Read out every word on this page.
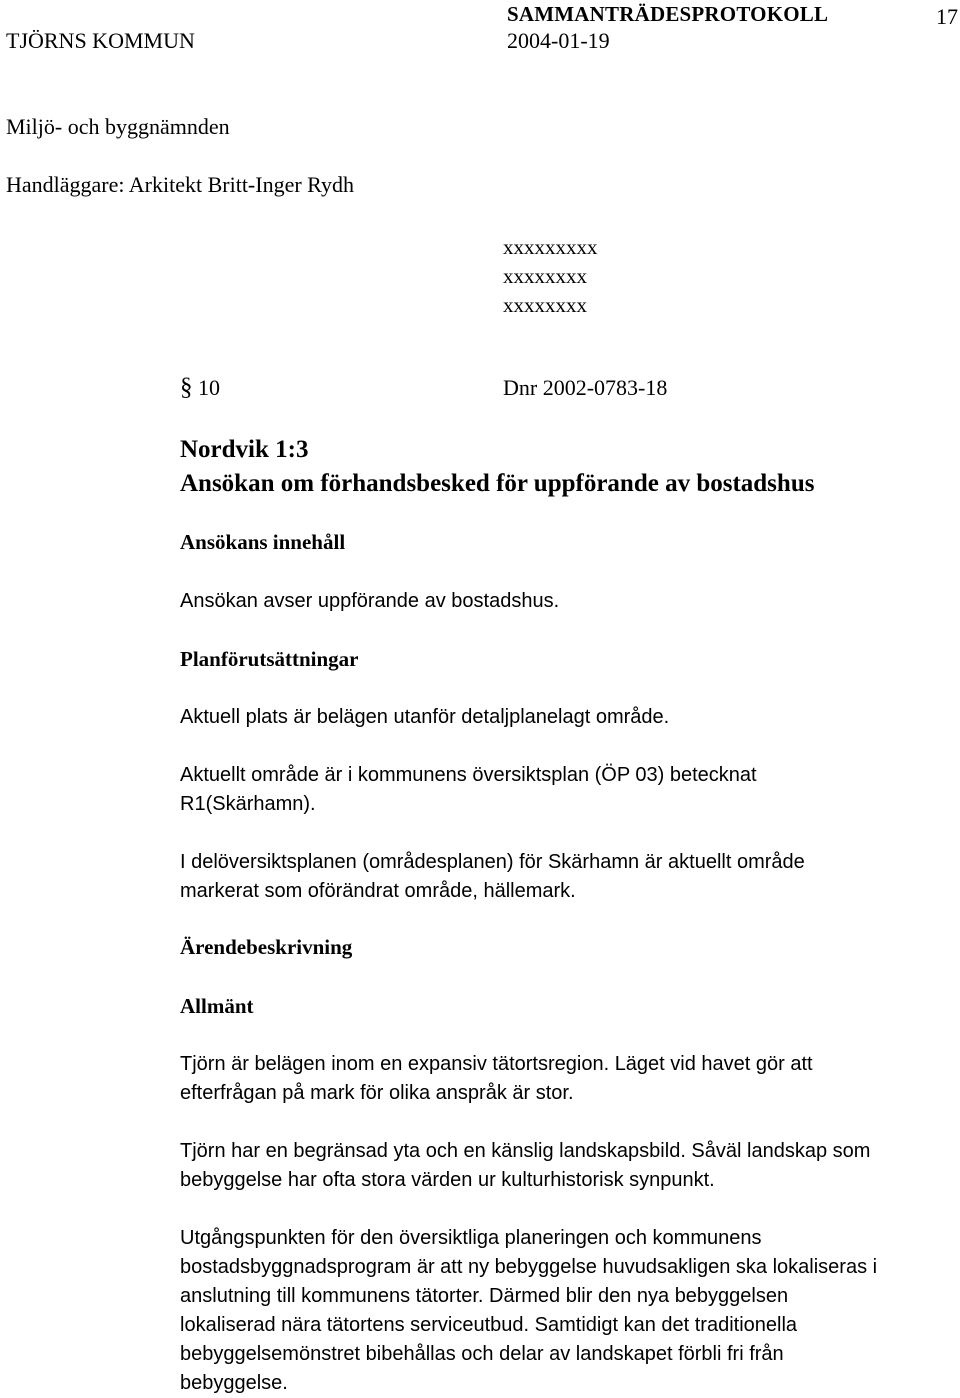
SAMMANTRÄDESPROTOKOLL	17
TJÖRNS KOMMUN	2004-01-19
Miljö- och byggnämnden
Handläggare: Arkitekt Britt-Inger Rydh
xxxxxxxxx
xxxxxxxx
xxxxxxxx
§ 10	Dnr 2002-0783-18
Nordvik 1:3
Ansökan om förhandsbesked för uppförande av bostadshus
Ansökans innehåll

Ansökan avser uppförande av bostadshus.

Planförutsättningar

Aktuell plats är belägen utanför detaljplanelagt område.

Aktuellt område är i kommunens översiktsplan (ÖP 03) betecknat
R1(Skärhamn).

I delöversiktsplanen (områdesplanen) för Skärhamn är aktuellt område
markerat som oförändrat område, hällemark.

Ärendebeskrivning
Allmänt

Tjörn är belägen inom en expansiv tätortsregion. Läget vid havet gör att
efterfrågan på mark för olika anspråk är stor.

Tjörn har en begränsad yta och en känslig landskapsbild. Såväl landskap som
bebyggelse har ofta stora värden ur kulturhistorisk synpunkt.

Utgångspunkten för den översiktliga planeringen och kommunens
bostadsbyggnadsprogram är att ny bebyggelse huvudsakligen ska lokaliseras i
anslutning till kommunens tätorter. Därmed blir den nya bebyggelsen
lokaliserad nära tätortens serviceutbud. Samtidigt kan det traditionella
bebyggelsemönstret bibehållas och delar av landskapet förbli fri från
bebyggelse.
